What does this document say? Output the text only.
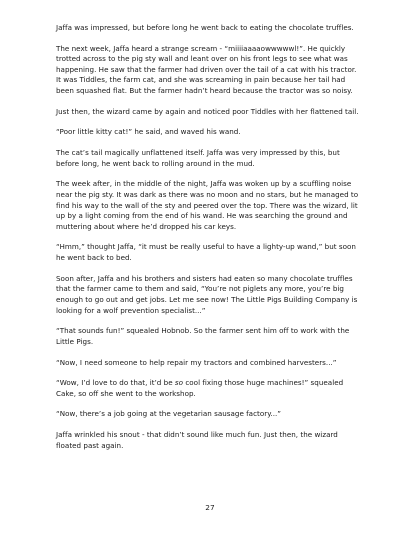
Jaffa was impressed, but before long he went back to eating the chocolate truffles.

The next week, Jaffa heard a strange scream - “miiiiaaaaowwwwwl!”. He quickly trotted across to the pig sty wall and leant over on his front legs to see what was happening. He saw that the farmer had driven over the tail of a cat with his tractor. It was Tiddles, the farm cat, and she was screaming in pain because her tail had been squashed flat. But the farmer hadn’t heard because the tractor was so noisy.

Just then, the wizard came by again and noticed poor Tiddles with her flattened tail.

“Poor little kitty cat!” he said, and waved his wand.

The cat’s tail magically unflattened itself. Jaffa was very impressed by this, but before long, he went back to rolling around in the mud.

The week after, in the middle of the night, Jaffa was woken up by a scuffling noise near the pig sty. It was dark as there was no moon and no stars, but he managed to find his way to the wall of the sty and peered over the top. There was the wizard, lit up by a light coming from the end of his wand. He was searching the ground and muttering about where he’d dropped his car keys.

“Hmm,” thought Jaffa, “it must be really useful to have a lighty-up wand,” but soon he went back to bed.

Soon after, Jaffa and his brothers and sisters had eaten so many chocolate truffles that the farmer came to them and said, “You’re not piglets any more, you’re big enough to go out and get jobs. Let me see now! The Little Pigs Building Company is looking for a wolf prevention specialist...”

“That sounds fun!” squealed Hobnob. So the farmer sent him off to work with the Little Pigs.

“Now, I need someone to help repair my tractors and combined harvesters...”

“Wow, I’d love to do that, it’d be so cool fixing those huge machines!” squealed Cake, so off she went to the workshop.

“Now, there’s a job going at the vegetarian sausage factory...”

Jaffa wrinkled his snout - that didn’t sound like much fun. Just then, the wizard floated past again.

27
